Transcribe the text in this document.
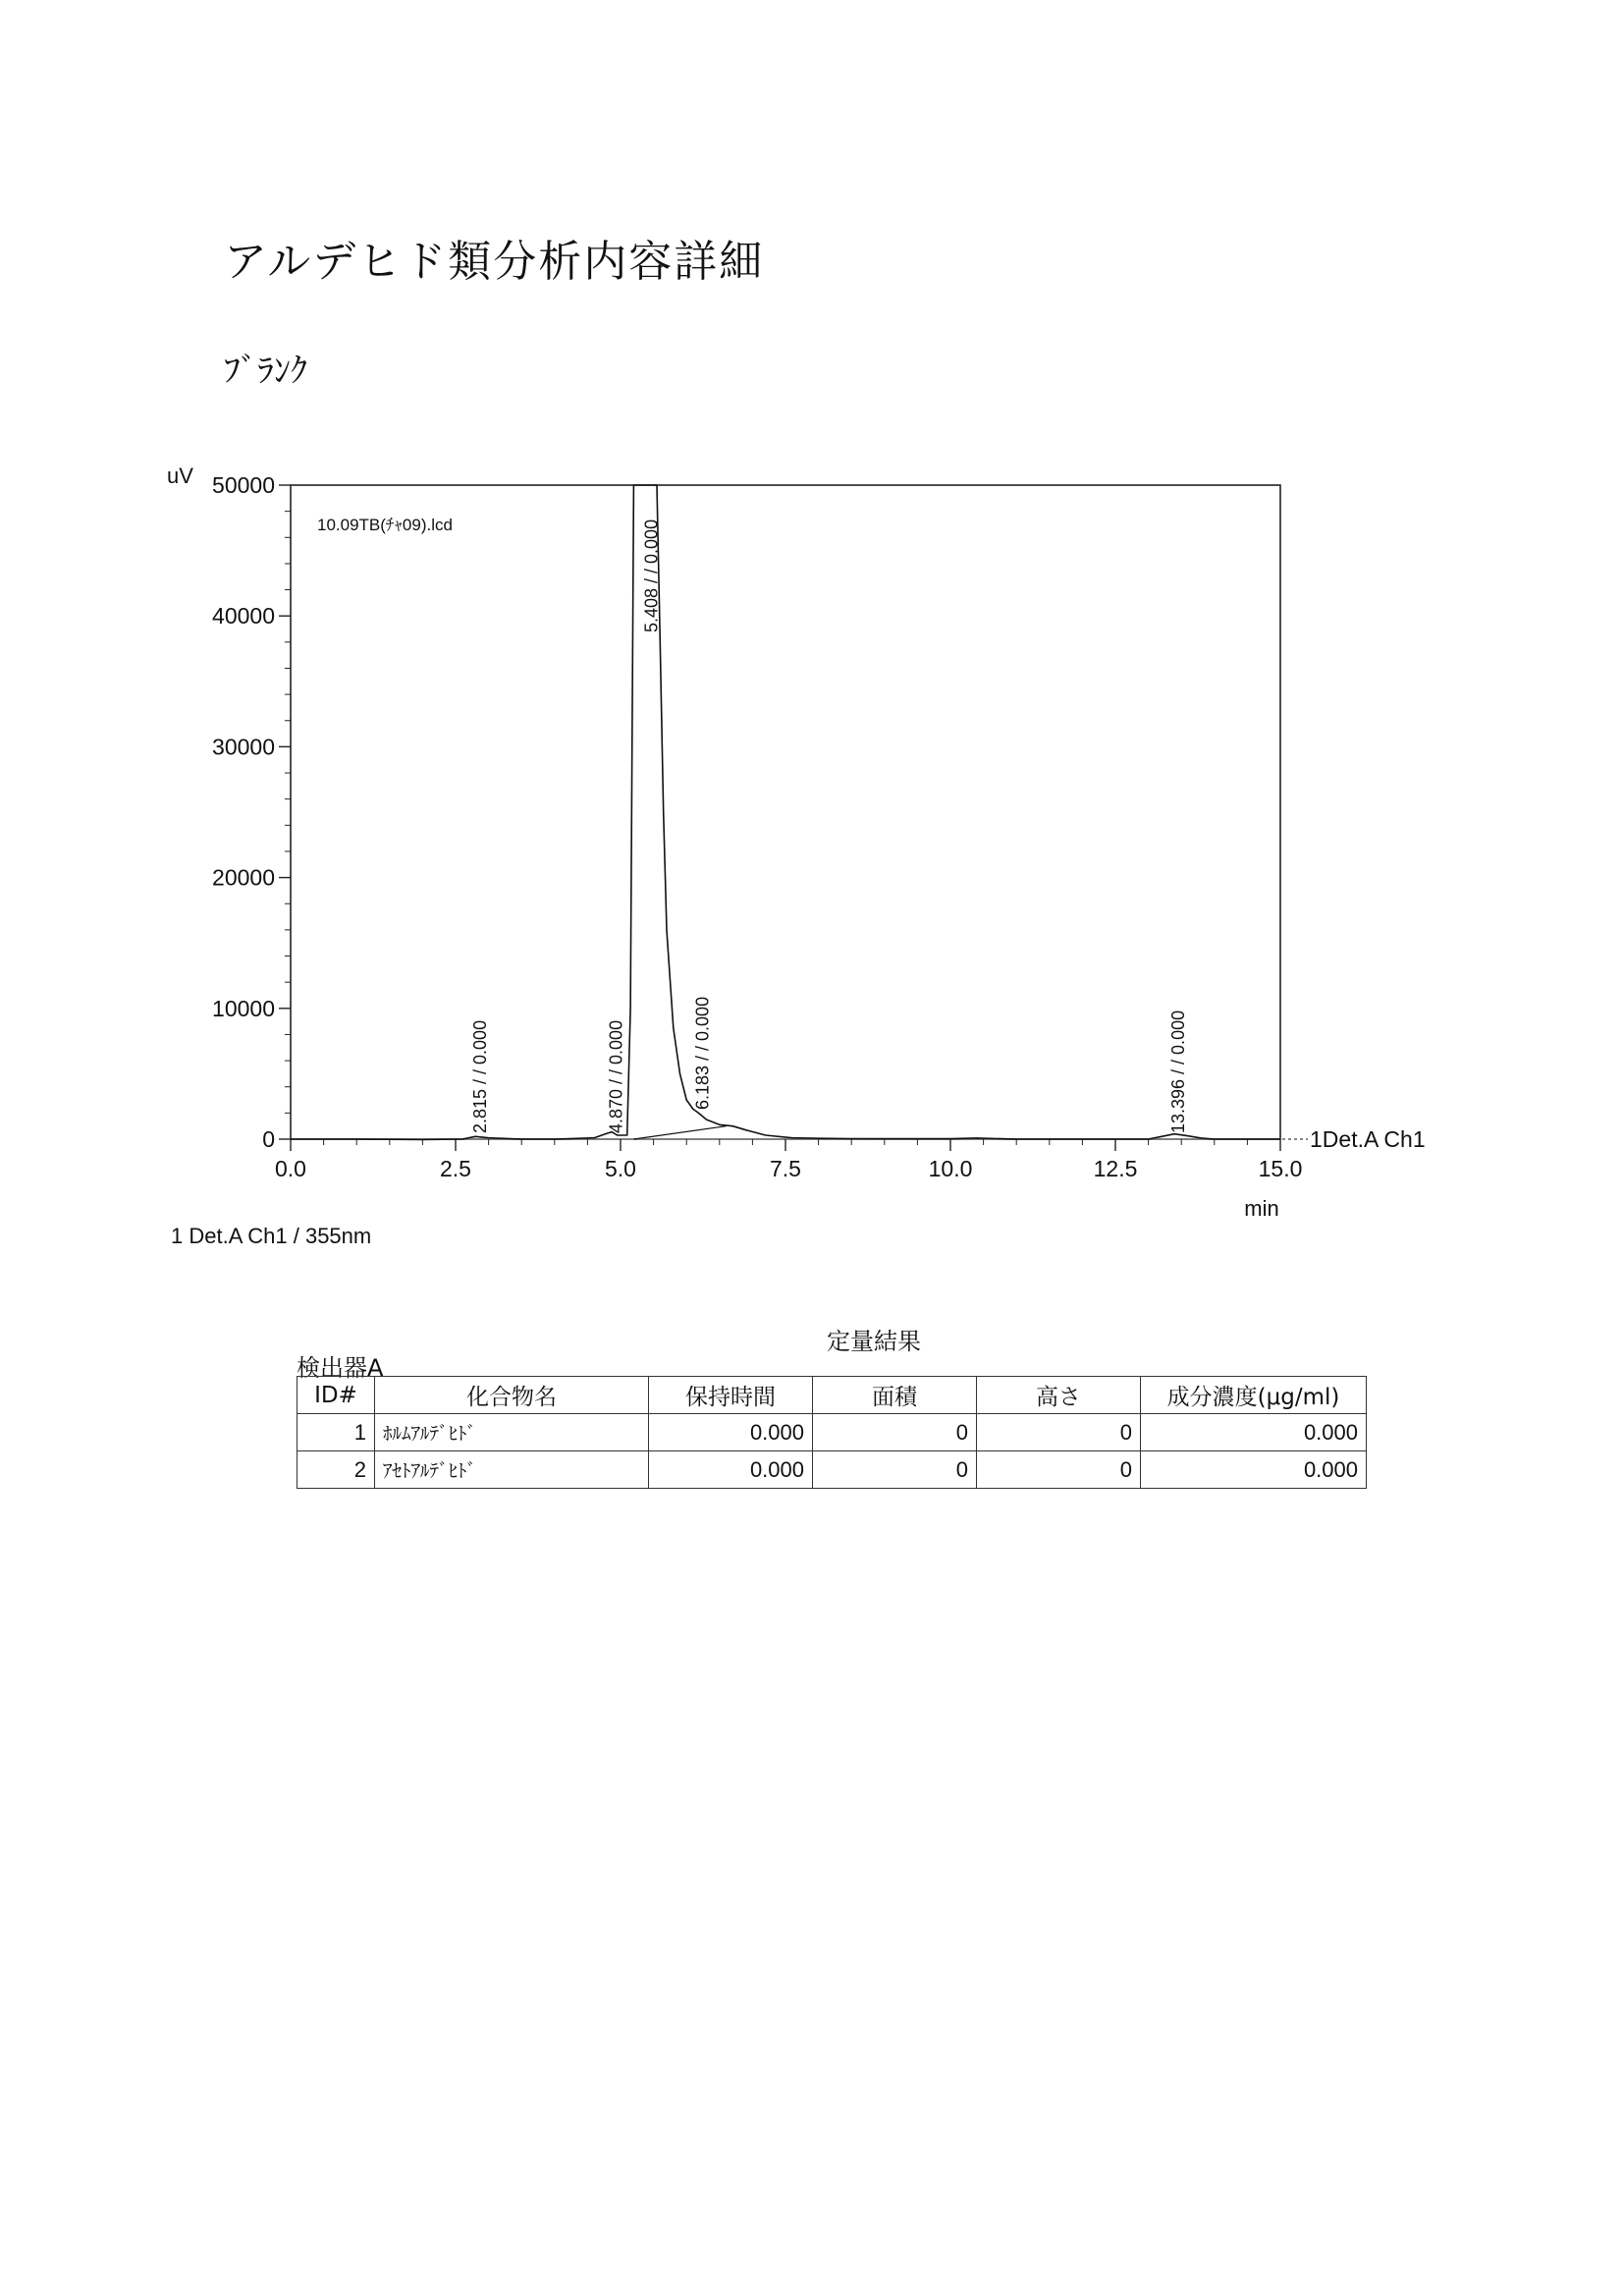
アルデヒド類分析内容詳細
ﾌﾞﾗﾝｸ
0
10000
20000
30000
40000
50000
0.0	2.5	5.0	7.5	10.0	12.5	15.0
uV
min
10.09TB(ﾁｬ09).lcd
1Det.A Ch1
2.815 / / 0.000	4.870 / / 0.000
5.408 / / 0.000
6.183 / / 0.000	13.396 / / 0.000
1 Det.A Ch1 / 355nm
定量結果
検出器A
ID#	化合物名	保持時間	面積	高さ	成分濃度(μg/ml)
1	ﾎﾙﾑｱﾙﾃﾞﾋﾄﾞ	0.000	0	0	0.000
2	ｱｾﾄｱﾙﾃﾞﾋﾄﾞ	0.000	0	0	0.000
